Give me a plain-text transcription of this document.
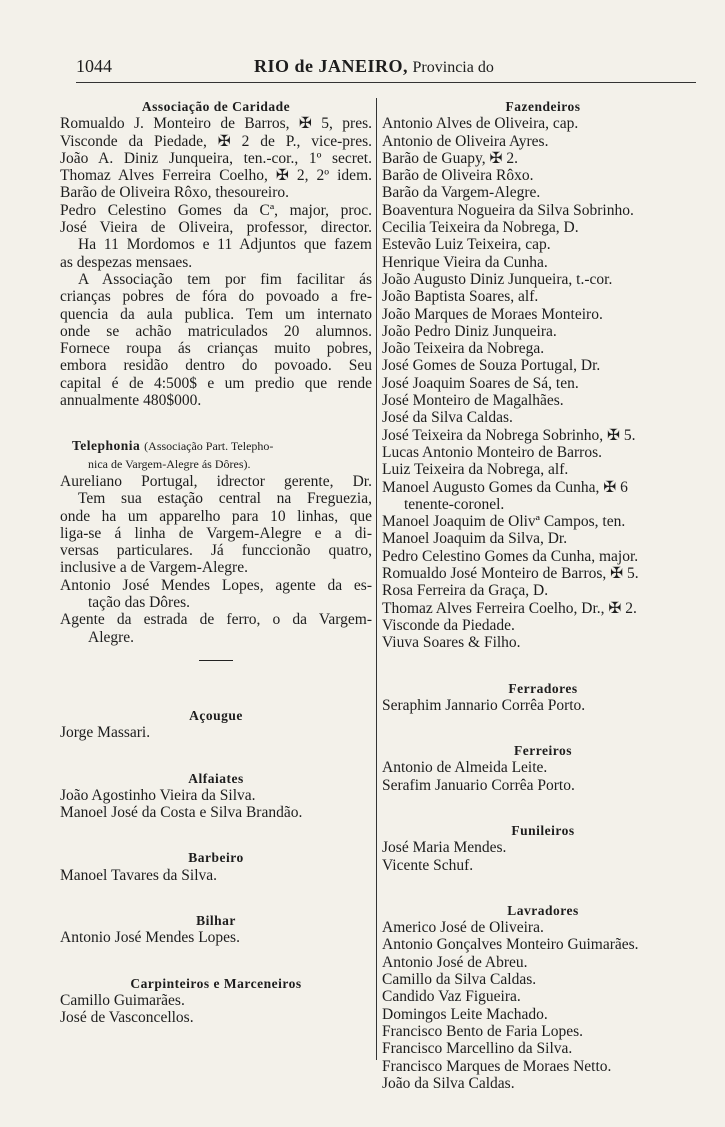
1044	RIO de JANEIRO, Provincia do
Associação de Caridade
Romualdo J. Monteiro de Barros, ✠ 5, pres.
Visconde da Piedade, ✠ 2 de P., vice-pres.
João A. Diniz Junqueira, ten.-cor., 1º secret.
Thomaz Alves Ferreira Coelho, ✠ 2, 2º idem.
Barão de Oliveira Rôxo, thesoureiro.
Pedro Celestino Gomes da Cª, major, proc.
José Vieira de Oliveira, professor, director.
Ha 11 Mordomos e 11 Adjuntos que fazem
as despezas mensaes.
A Associação tem por fim facilitar ás
crianças pobres de fóra do povoado a fre-
quencia da aula publica. Tem um internato
onde se achão matriculados 20 alumnos.
Fornece roupa ás crianças muito pobres,
embora residão dentro do povoado. Seu
capital é de 4:500$ e um predio que rende
annualmente 480$000.
Telephonia (Associação Part. Telepho-
nica de Vargem-Alegre ás Dôres).
Aureliano Portugal, idrector gerente, Dr.
Tem sua estação central na Freguezia,
onde ha um apparelho para 10 linhas, que
liga-se á linha de Vargem-Alegre e a di-
versas particulares. Já funccionão quatro,
inclusive a de Vargem-Alegre.
Antonio José Mendes Lopes, agente da es-
tação das Dôres.
Agente da estrada de ferro, o da Vargem-
Alegre.
Açougue
Jorge Massari.
Alfaiates
João Agostinho Vieira da Silva.
Manoel José da Costa e Silva Brandão.
Barbeiro
Manoel Tavares da Silva.
Bilhar
Antonio José Mendes Lopes.
Carpinteiros e Marceneiros
Camillo Guimarães.
José de Vasconcellos.
Fazendeiros
Antonio Alves de Oliveira, cap.
Antonio de Oliveira Ayres.
Barão de Guapy, ✠ 2.
Barão de Oliveira Rôxo.
Barão da Vargem-Alegre.
Boaventura Nogueira da Silva Sobrinho.
Cecilia Teixeira da Nobrega, D.
Estevão Luiz Teixeira, cap.
Henrique Vieira da Cunha.
João Augusto Diniz Junqueira, t.-cor.
João Baptista Soares, alf.
João Marques de Moraes Monteiro.
João Pedro Diniz Junqueira.
João Teixeira da Nobrega.
José Gomes de Souza Portugal, Dr.
José Joaquim Soares de Sá, ten.
José Monteiro de Magalhães.
José da Silva Caldas.
José Teixeira da Nobrega Sobrinho, ✠ 5.
Lucas Antonio Monteiro de Barros.
Luiz Teixeira da Nobrega, alf.
Manoel Augusto Gomes da Cunha, ✠ 6
tenente-coronel.
Manoel Joaquim de Olivª Campos, ten.
Manoel Joaquim da Silva, Dr.
Pedro Celestino Gomes da Cunha, major.
Romualdo José Monteiro de Barros, ✠ 5.
Rosa Ferreira da Graça, D.
Thomaz Alves Ferreira Coelho, Dr., ✠ 2.
Visconde da Piedade.
Viuva Soares & Filho.
Ferradores
Seraphim Jannario Corrêa Porto.
Ferreiros
Antonio de Almeida Leite.
Serafim Januario Corrêa Porto.
Funileiros
José Maria Mendes.
Vicente Schuf.
Lavradores
Americo José de Oliveira.
Antonio Gonçalves Monteiro Guimarães.
Antonio José de Abreu.
Camillo da Silva Caldas.
Candido Vaz Figueira.
Domingos Leite Machado.
Francisco Bento de Faria Lopes.
Francisco Marcellino da Silva.
Francisco Marques de Moraes Netto.
João da Silva Caldas.
